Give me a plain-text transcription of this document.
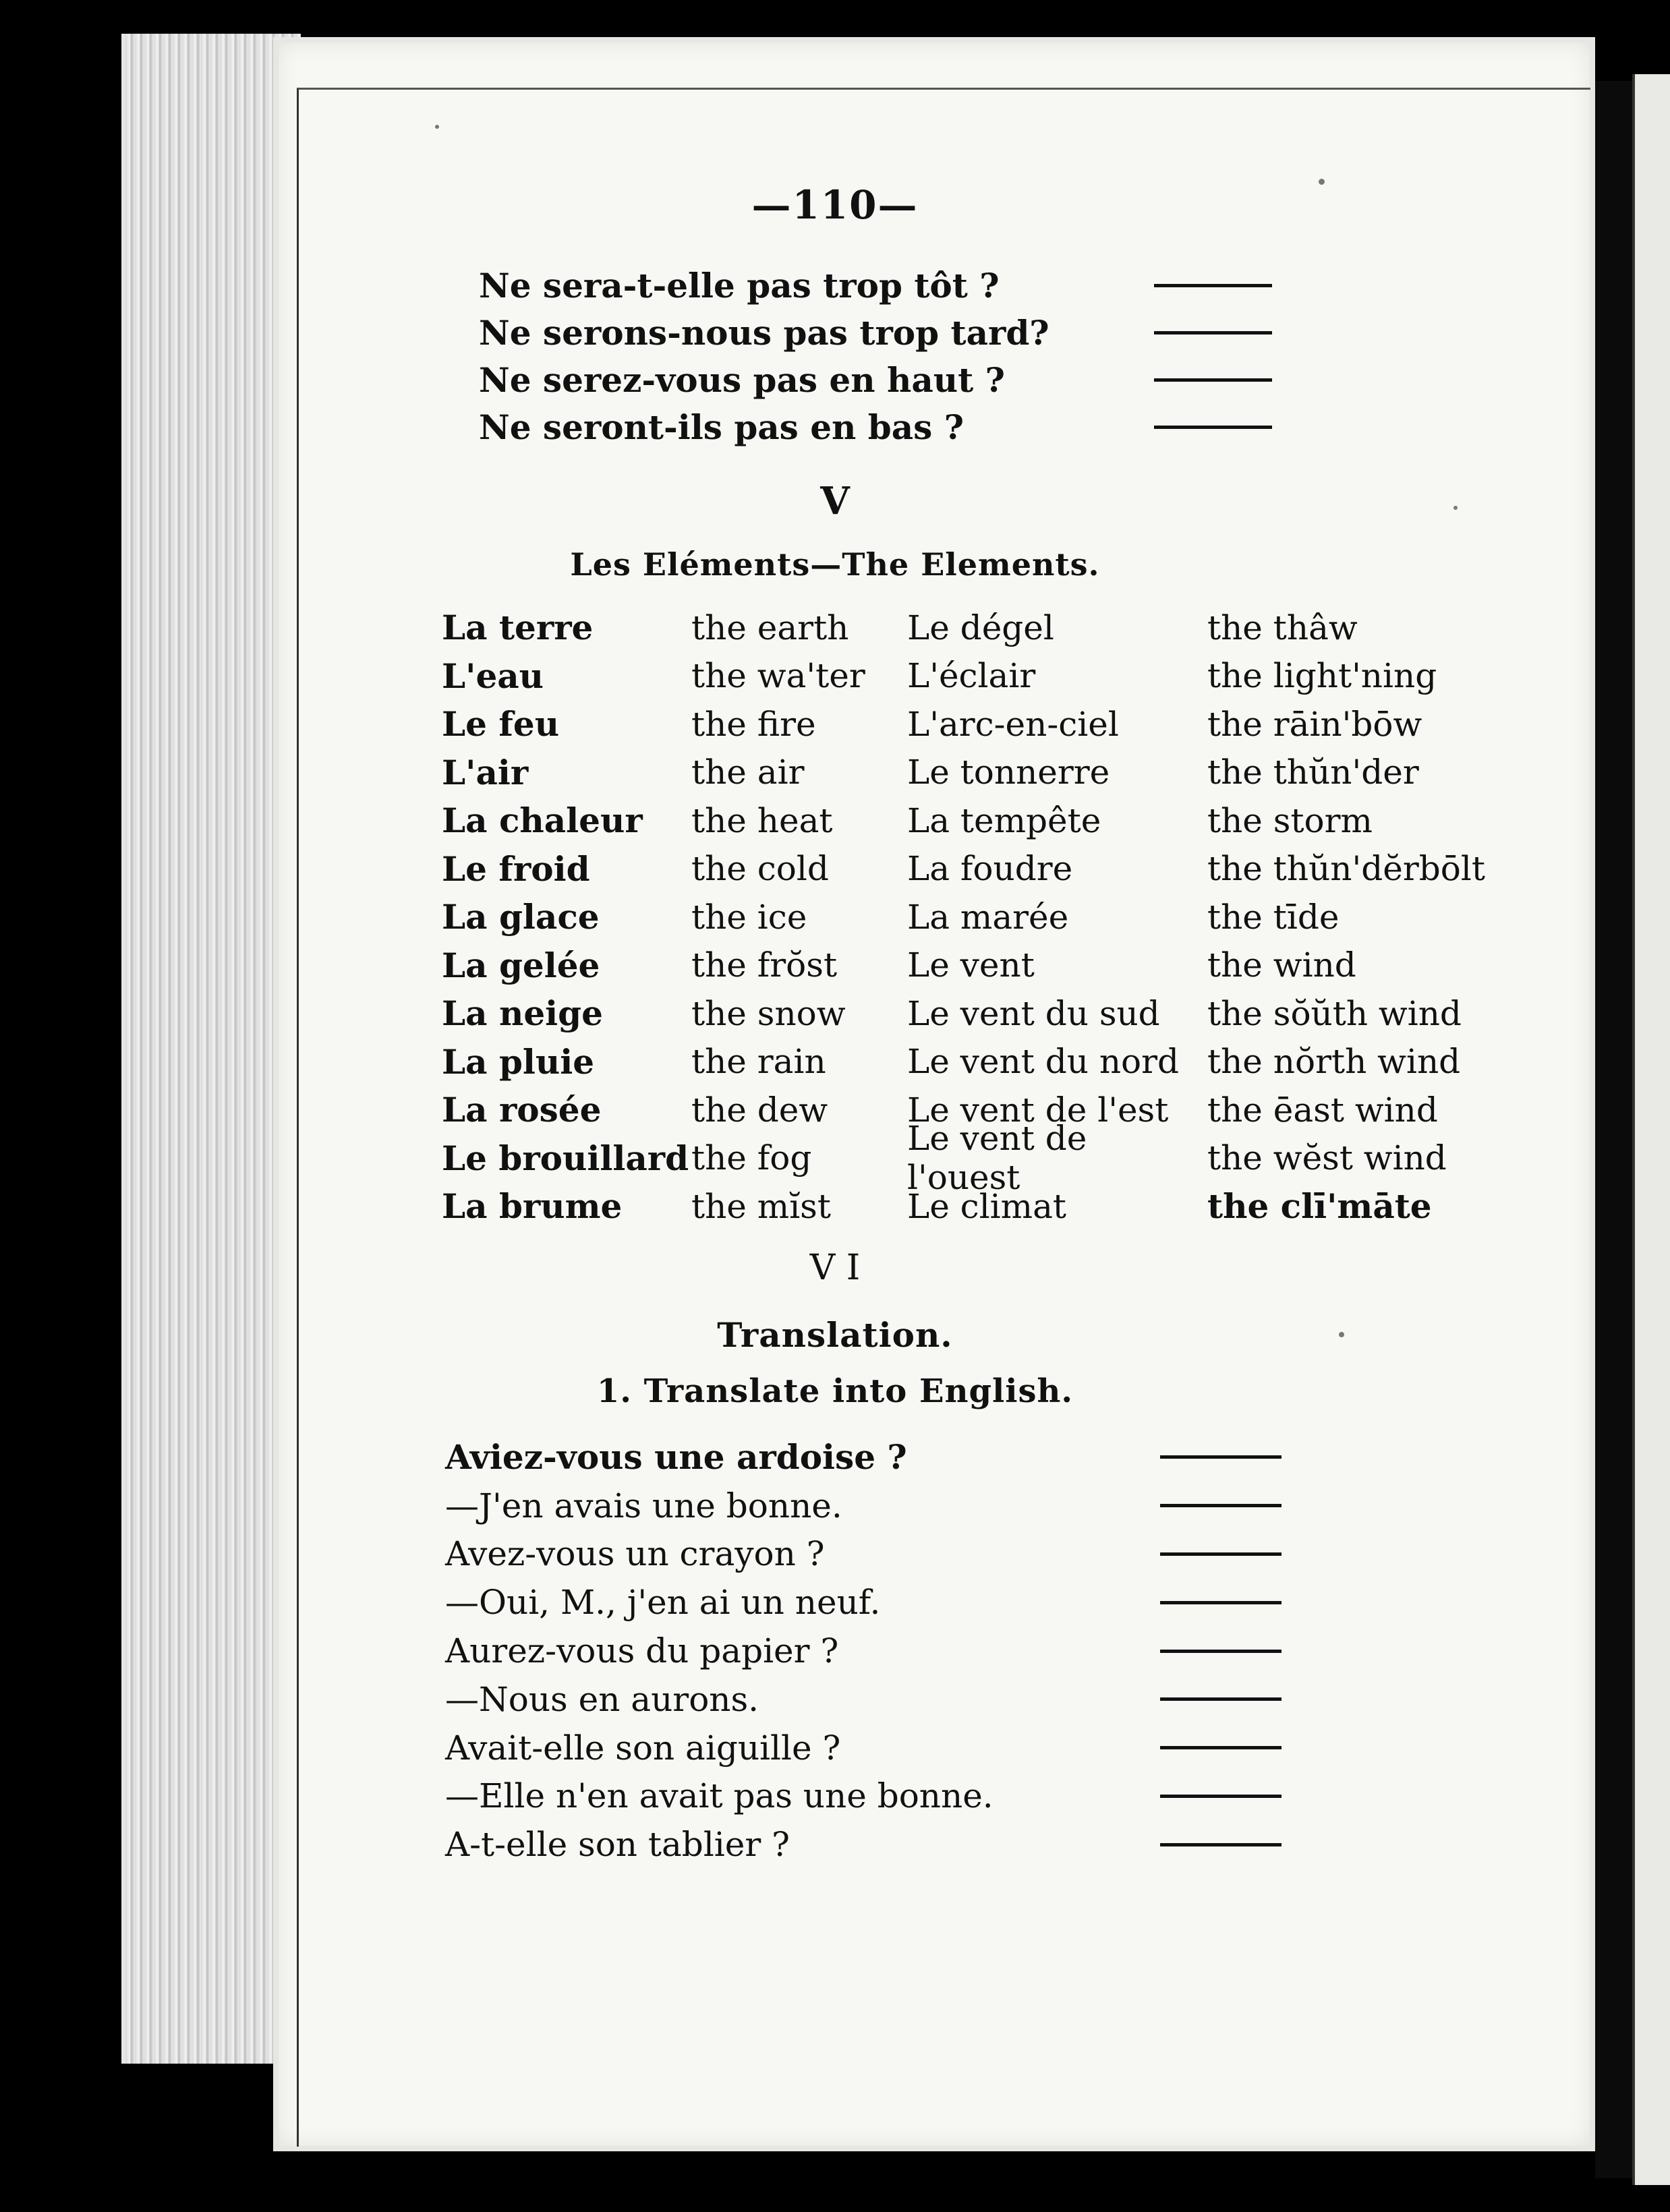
—110—
Ne sera-t-elle pas trop tôt ?
Ne serons-nous pas trop tard?
Ne serez-vous pas en haut ?
Ne seront-ils pas en bas ?
V
Les Eléments—The Elements.
La terre	the earth	Le dégel	the thâw
L'eau	the wa'ter	L'éclair	the light'ning
Le feu	the fire	L'arc-en-ciel	the rāin'bōw
L'air	the air	Le tonnerre	the thŭn'der
La chaleur	the heat	La tempête	the storm
Le froid	the cold	La foudre	the thŭn'dĕrbōlt
La glace	the ice	La marée	the tīde
La gelée	the frŏst	Le vent	the wind
La neige	the snow	Le vent du sud	the sŏŭth wind
La pluie	the rain	Le vent du nord the nŏrth wind
La rosée	the dew	Le vent de l'est	the ēast wind
Le brouillard the fog	Le vent de l'ouest	the wĕst wind
La brume	the mĭst	Le climat	the clī'māte
V I
Translation.
1. Translate into English.
Aviez-vous une ardoise ?
—J'en avais une bonne.
Avez-vous un crayon ?
—Oui, M., j'en ai un neuf.
Aurez-vous du papier ?
—Nous en aurons.
Avait-elle son aiguille ?
—Elle n'en avait pas une bonne.
A-t-elle son tablier ?
